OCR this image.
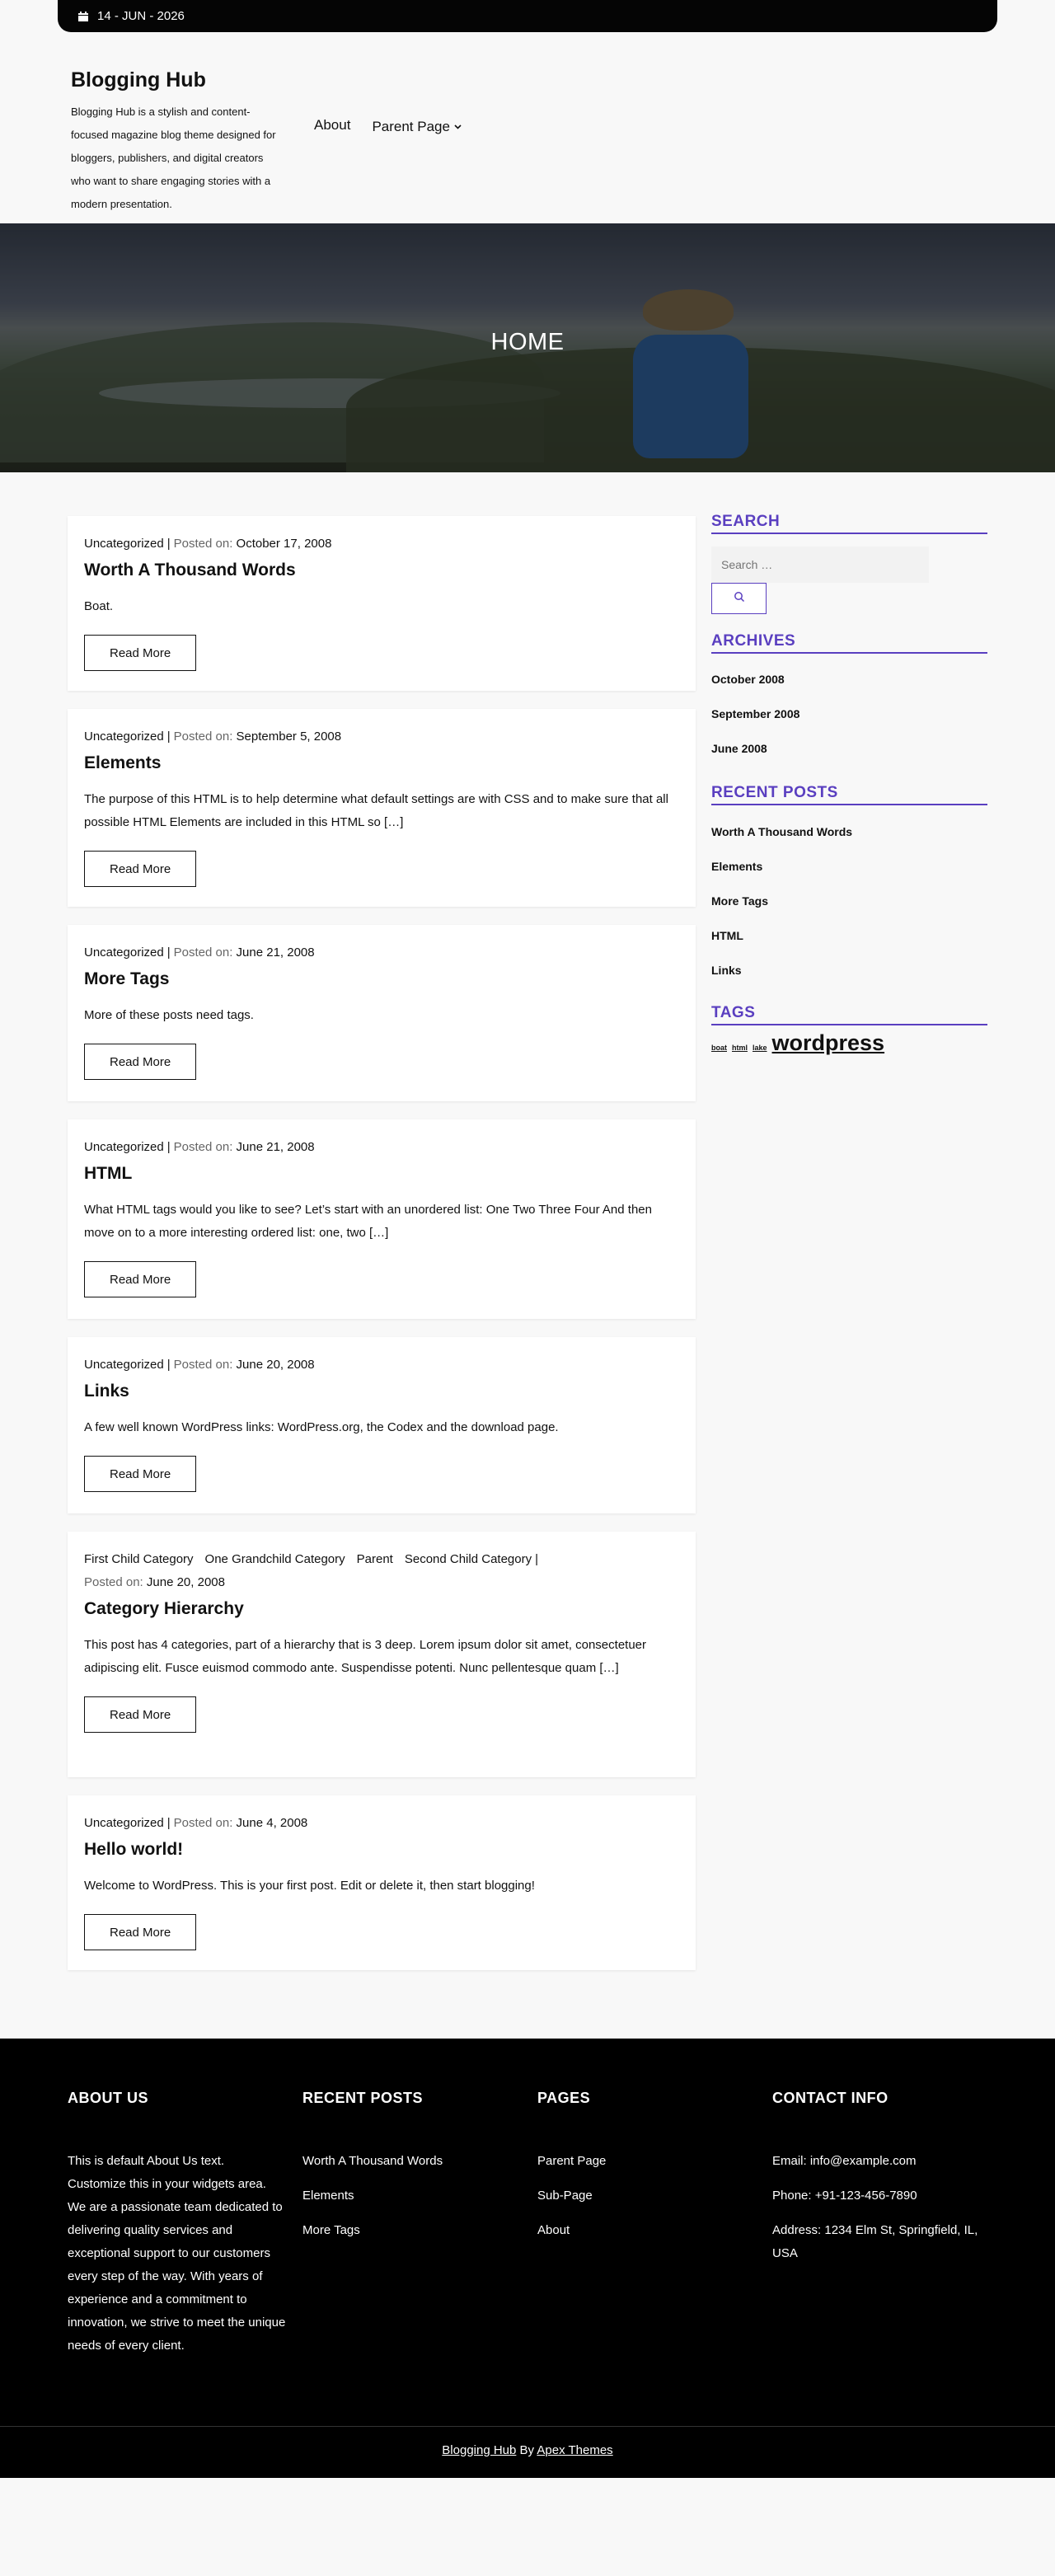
14 - JUN - 2026
Blogging Hub
Blogging Hub is a stylish and content-focused magazine blog theme designed for bloggers, publishers, and digital creators who want to share engaging stories with a modern presentation.
About Parent Page
HOME
Uncategorized | Posted on: October 17, 2008
Worth A Thousand Words
Boat.
Read More
Uncategorized | Posted on: September 5, 2008
Elements
The purpose of this HTML is to help determine what default settings are with CSS and to make sure that all possible HTML Elements are included in this HTML so […]
Read More
Uncategorized | Posted on: June 21, 2008
More Tags
More of these posts need tags.
Read More
Uncategorized | Posted on: June 21, 2008
HTML
What HTML tags would you like to see? Let’s start with an unordered list: One Two Three Four And then move on to a more interesting ordered list: one, two […]
Read More
Uncategorized | Posted on: June 20, 2008
Links
A few well known WordPress links: WordPress.org, the Codex and the download page.
Read More
First Child Category One Grandchild Category Parent Second Child Category |
Posted on: June 20, 2008
Category Hierarchy
This post has 4 categories, part of a hierarchy that is 3 deep. Lorem ipsum dolor sit amet, consectetuer adipiscing elit. Fusce euismod commodo ante. Suspendisse potenti. Nunc pellentesque quam […]
Read More
Uncategorized | Posted on: June 4, 2008
Hello world!
Welcome to WordPress. This is your first post. Edit or delete it, then start blogging!
Read More
SEARCH
Search …
ARCHIVES
October 2008
September 2008
June 2008
RECENT POSTS
Worth A Thousand Words
Elements
More Tags
HTML
Links
TAGS
boat html lake wordpress
ABOUT US

This is default About Us text. Customize this in your widgets area. We are a passionate team dedicated to delivering quality services and exceptional support to our customers every step of the way. With years of experience and a commitment to innovation, we strive to meet the unique needs of every client.

RECENT POSTS
Worth A Thousand Words
Elements
More Tags
PAGES
Parent Page
Sub-Page
About
CONTACT INFO
Email: info@example.com
Phone: +91-123-456-7890
Address: 1234 Elm St, Springfield, IL, USA
Blogging Hub By Apex Themes
